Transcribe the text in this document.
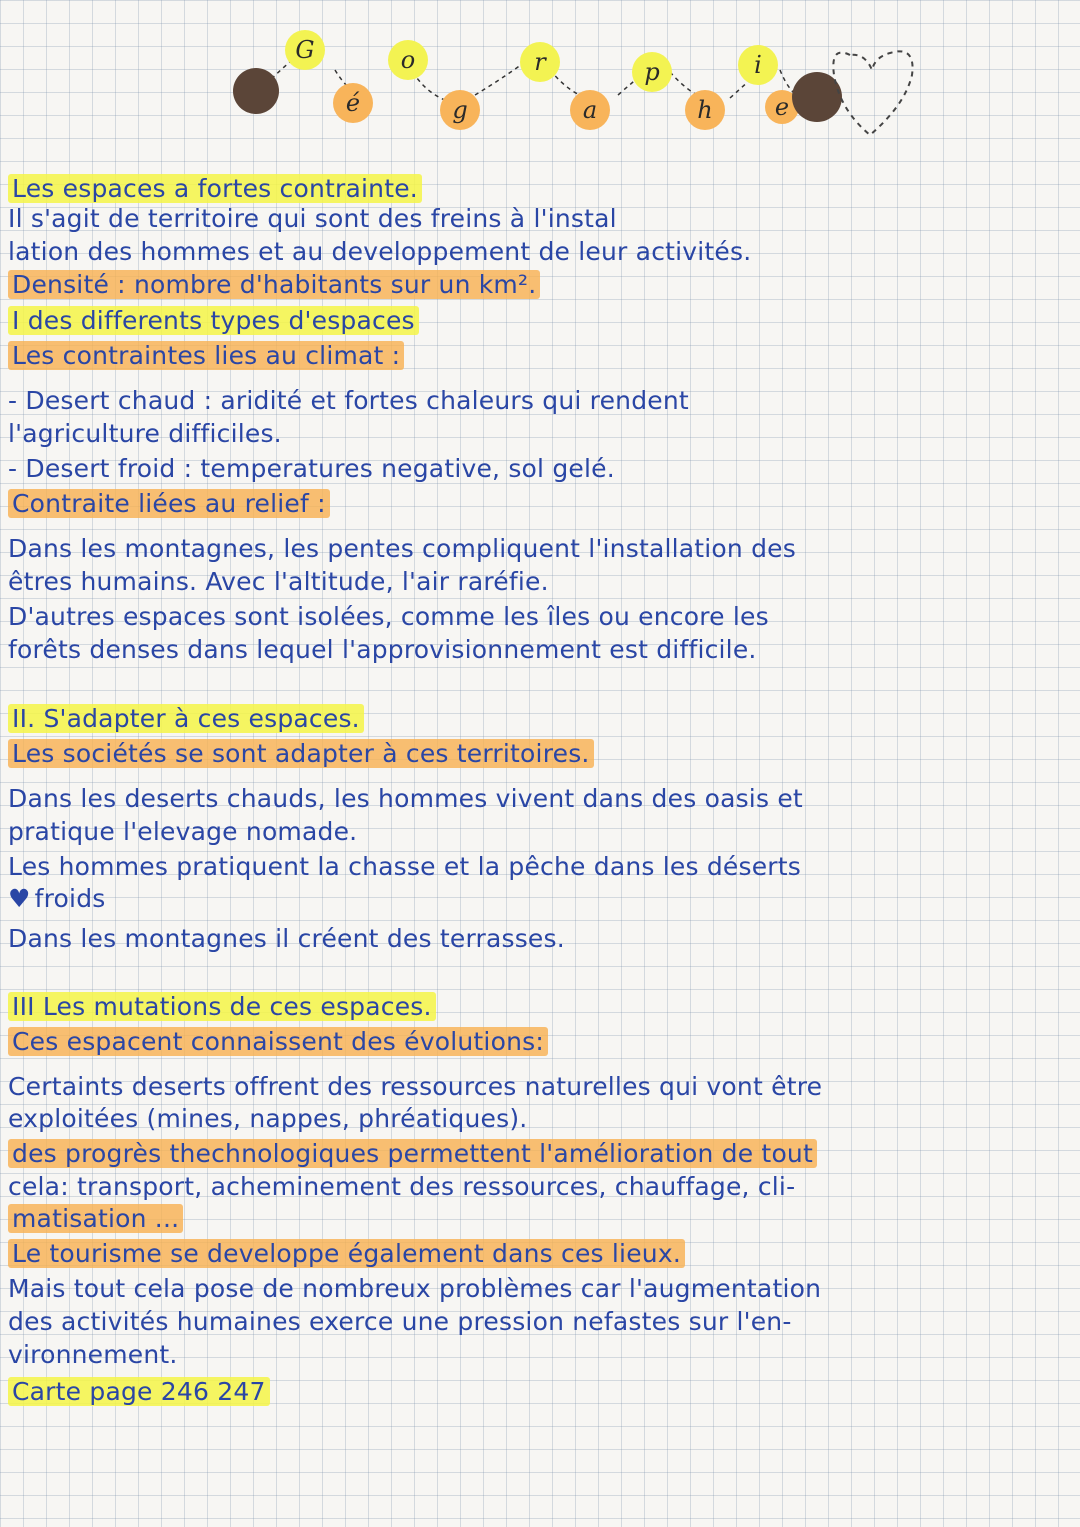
G
é
o
g
r
a
p
h
i
e
Les espaces a fortes contrainte.
Il s'agit de territoire qui sont des freins à l'instal
lation des hommes et au developpement de leur activités.
Densité : nombre d'habitants sur un km².
I des differents types d'espaces
Les contraintes lies au climat :
- Desert chaud : aridité et fortes chaleurs qui rendent
l'agriculture difficiles.
- Desert froid : temperatures negative, sol gelé.
Contraite liées au relief :
Dans les montagnes, les pentes compliquent l'installation des
êtres humains. Avec l'altitude, l'air raréfie.
D'autres espaces sont isolées, comme les îles ou encore les
forêts denses dans lequel l'approvisionnement est difficile.
II. S'adapter à ces espaces.
Les sociétés se sont adapter à ces territoires.
Dans les deserts chauds, les hommes vivent dans des oasis et
pratique l'elevage nomade.
Les hommes pratiquent la chasse et la pêche dans les déserts
♥ froids
Dans les montagnes il créent des terrasses.
III Les mutations de ces espaces.
Ces espacent connaissent des évolutions:
Certaints deserts offrent des ressources naturelles qui vont être
exploitées (mines, nappes, phréatiques).
des progrès thechnologiques permettent l'amélioration de tout
cela: transport, acheminement des ressources, chauffage, cli-
matisation ...
Le tourisme se developpe également dans ces lieux.
Mais tout cela pose de nombreux problèmes car l'augmentation
des activités humaines exerce une pression nefastes sur l'en-
vironnement.
Carte page 246 247
